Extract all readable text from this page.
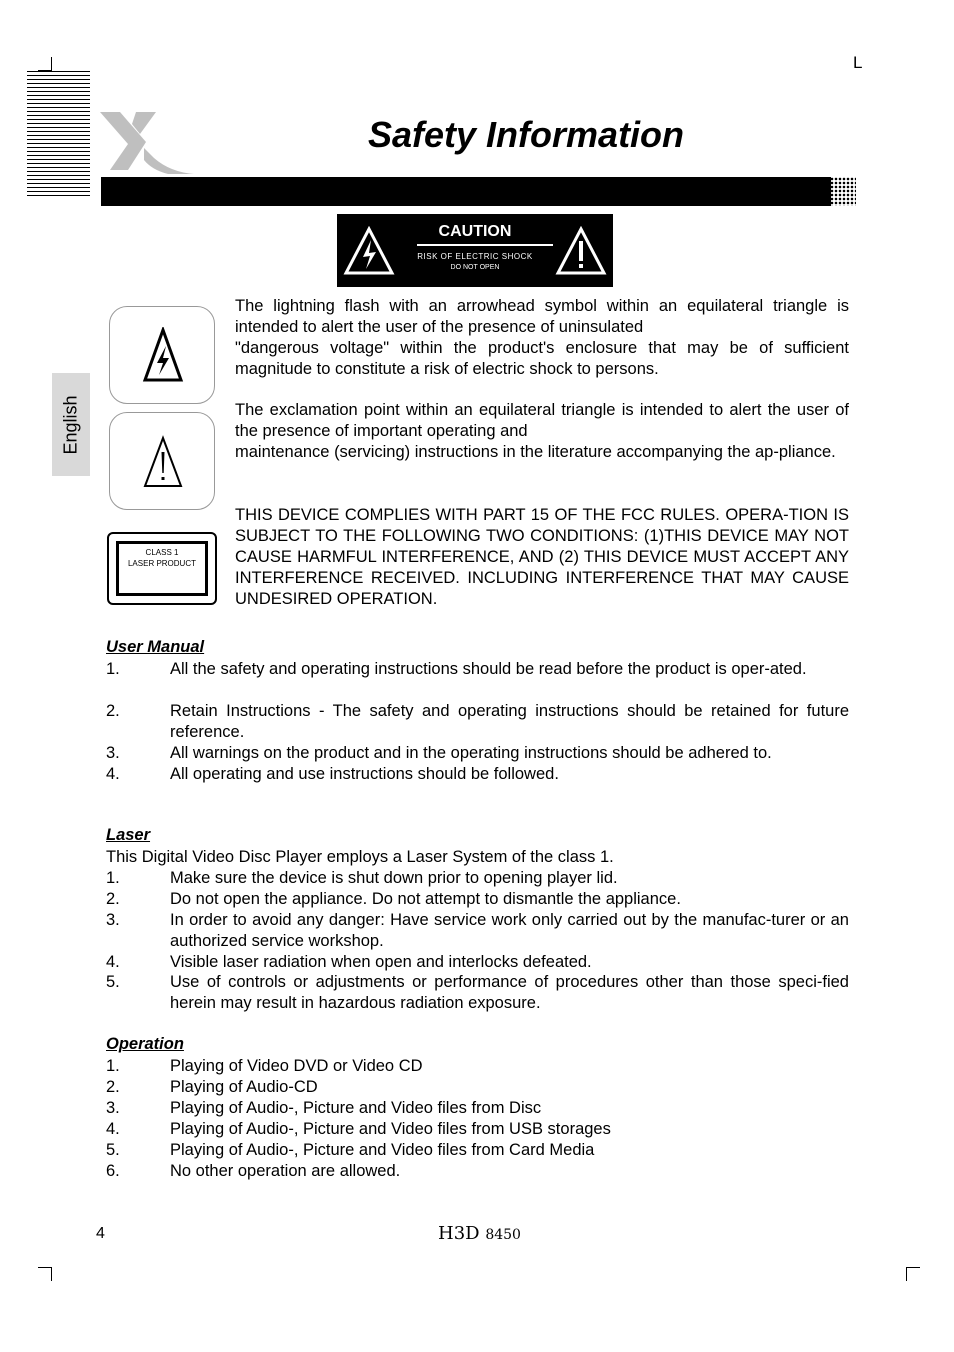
L
Safety Information
English
CAUTION
RISK OF ELECTRIC SHOCK
DO NOT OPEN
CLASS 1
LASER PRODUCT
The lightning flash with an arrowhead symbol within an equilateral triangle is intended to alert the user of the presence of uninsulated
"dangerous voltage" within the product's enclosure that may be of sufficient magnitude to constitute a risk of electric shock to persons.
The exclamation point within an equilateral triangle is intended to alert the user of the presence of important operating and
maintenance (servicing) instructions in the literature accompanying the ap-pliance.
THIS DEVICE COMPLIES WITH PART 15 OF THE FCC RULES. OPERA-TION IS SUBJECT TO THE FOLLOWING TWO CONDITIONS: (1)THIS DEVICE MAY NOT CAUSE HARMFUL INTERFERENCE, AND (2) THIS DEVICE MUST ACCEPT ANY INTERFERENCE RECEIVED. INCLUDING INTERFERENCE THAT MAY CAUSE UNDESIRED OPERATION.
User Manual
1.	All the safety and operating instructions should be read before the product is oper-ated.
2.	Retain Instructions - The safety and operating instructions should be retained for future reference.
3.	All warnings on the product and in the operating instructions should be adhered to.
4.	All operating and use instructions should be followed.
Laser
This Digital Video Disc Player employs a Laser System of the class 1.
1.	Make sure the device is shut down prior to opening player lid.
2.	Do not open the appliance. Do not attempt to dismantle the appliance.
3.	In order to avoid any danger: Have service work only carried out by the manufac-turer or an authorized service workshop.
4.	Visible laser radiation when open and interlocks defeated.
5.	Use of controls or adjustments or performance of procedures other than those speci-fied herein may result in hazardous radiation exposure.
Operation
1.	Playing of Video DVD or Video CD
2.	Playing of Audio-CD
3.	Playing of Audio-, Picture and Video files from Disc
4.	Playing of Audio-, Picture and Video files from USB storages
5.	Playing of Audio-, Picture and Video files from Card Media
6.	No other operation are allowed.
4	H3D 8450
